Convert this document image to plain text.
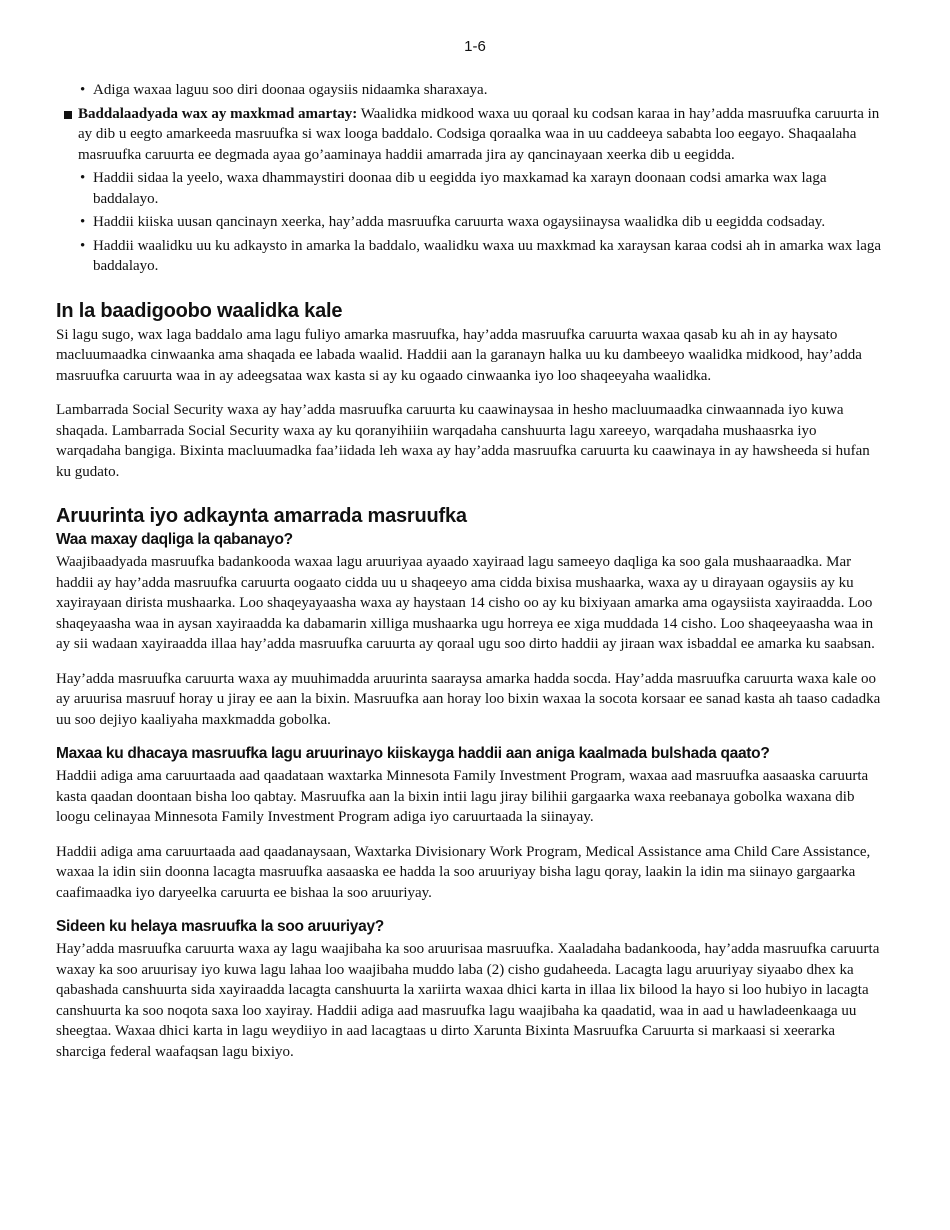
1-6
• Adiga waxaa laguu soo diri doonaa ogaysiis nidaamka sharaxaya.

Baddalaadyada wax ay maxkmad amartay: Waalidka midkood waxa uu qoraal ku codsan karaa in hay’adda masruufka caruurta in ay dib u eegto amarkeeda masruufka si wax looga baddalo. Codsiga qoraalka waa in uu caddeeya sababta loo eegayo. Shaqaalaha masruufka caruurta ee degmada ayaa go’aaminaya haddii amarrada jira ay qancinayaan xeerka dib u eegidda.

• Haddii sidaa la yeelo, waxa dhammaystiri doonaa dib u eegidda iyo maxkamad ka xarayn doonaan codsi amarka wax laga baddalayo.
• Haddii kiiska uusan qancinayn xeerka, hay’adda masruufka caruurta waxa ogaysiinaysa waalidka dib u eegidda codsaday.
• Haddii waalidku uu ku adkaysto in amarka la baddalo, waalidku waxa uu maxkmad ka xaraysan karaa codsi ah in amarka wax laga baddalayo.
In la baadigoobo waalidka kale

Si lagu sugo, wax laga baddalo ama lagu fuliyo amarka masruufka, hay’adda masruufka caruurta waxaa qasab ku ah in ay haysato macluumaadka cinwaanka ama shaqada ee labada waalid. Haddii aan la garanayn halka uu ku dambeeyo waalidka midkood, hay’adda masruufka caruurta waa in ay adeegsataa wax kasta si ay ku ogaado cinwaanka iyo loo shaqeeyaha waalidka.

Lambarrada Social Security waxa ay hay’adda masruufka caruurta ku caawinaysaa in hesho macluumaadka cinwaannada iyo kuwa shaqada. Lambarrada Social Security waxa ay ku qoranyihiiin warqadaha canshuurta lagu xareeyo, warqadaha mushaasrka iyo warqadaha bangiga. Bixinta macluumadka faa’iidada leh waxa ay hay’adda masruufka caruurta ku caawinaya in ay hawsheeda si hufan ku gudato.

Aruurinta iyo adkaynta amarrada masruufka
Waa maxay daqliga la qabanayo?

Waajibaadyada masruufka badankooda waxaa lagu aruuriyaa ayaado xayiraad lagu sameeyo daqliga ka soo gala mushaaraadka. Mar haddii ay hay’adda masruufka caruurta oogaato cidda uu u shaqeeyo ama cidda bixisa mushaarka, waxa ay u dirayaan ogaysiis ay ku xayirayaan dirista mushaarka. Loo shaqeyayaasha waxa ay haystaan 14 cisho oo ay ku bixiyaan amarka ama ogaysiista xayiraadda. Loo shaqeyaasha waa in aysan xayiraadda ka dabamarin xilliga mushaarka ugu horreya ee xiga muddada 14 cisho. Loo shaqeeyaasha waa in ay sii wadaan xayiraadda illaa hay’adda masruufka caruurta ay qoraal ugu soo dirto haddii ay jiraan wax isbaddal ee amarka ku saabsan.

Hay’adda masruufka caruurta waxa ay muuhimadda aruurinta saaraysa amarka hadda socda. Hay’adda masruufka caruurta waxa kale oo ay aruurisa masruuf horay u jiray ee aan la bixin. Masruufka aan horay loo bixin waxaa la socota korsaar ee sanad kasta ah taaso cadadka uu soo dejiyo kaaliyaha maxkmadda gobolka.

Maxaa ku dhacaya masruufka lagu aruurinayo kiiskayga haddii aan aniga kaalmada bulshada qaato?

Haddii adiga ama caruurtaada aad qaadataan waxtarka Minnesota Family Investment Program, waxaa aad masruufka aasaaska caruurta kasta qaadan doontaan bisha loo qabtay. Masruufka aan la bixin intii lagu jiray bilihii gargaarka waxa reebanaya gobolka waxana dib loogu celinayaa Minnesota Family Investment Program adiga iyo caruurtaada la siinayay.

Haddii adiga ama caruurtaada aad qaadanaysaan, Waxtarka Divisionary Work Program, Medical Assistance ama Child Care Assistance, waxaa la idin siin doonna lacagta masruufka aasaaska ee hadda la soo aruuriyay bisha lagu qoray, laakin la idin ma siinayo gargaarka caafimaadka iyo daryeelka caruurta ee bishaa la soo aruuriyay.

Sideen ku helaya masruufka la soo aruuriyay?

Hay’adda masruufka caruurta waxa ay lagu waajibaha ka soo aruurisaa masruufka. Xaaladaha badankooda, hay’adda masruufka caruurta waxay ka soo aruurisay iyo kuwa lagu lahaa loo waajibaha muddo laba (2) cisho gudaheeda. Lacagta lagu aruuriyay siyaabo dhex ka qabashada canshuurta sida xayiraadda lacagta canshuurta la xariirta waxaa dhici karta in illaa lix bilood la hayo si loo hubiyo in lacagta canshuurta ka soo noqota saxa loo xayiray. Haddii adiga aad masruufka lagu waajibaha ka qaadatid, waa in aad u hawladeenkaaga uu sheegtaa. Waxaa dhici karta in lagu weydiiyo in aad lacagtaas u dirto Xarunta Bixinta Masruufka Caruurta si markaasi si xeerarka sharciga federal waafaqsan lagu bixiyo.
